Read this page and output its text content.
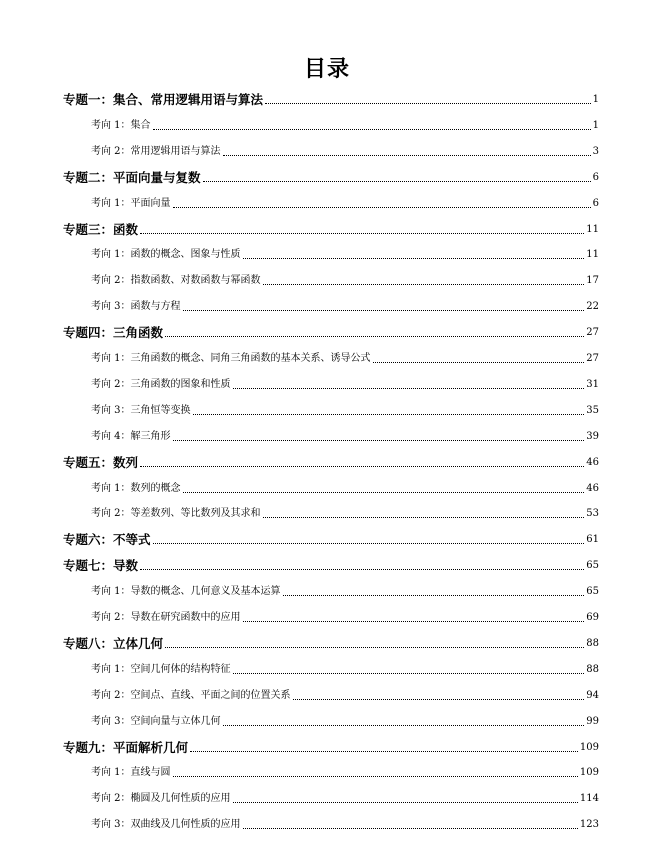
目录
专题一：集合、常用逻辑用语与算法	1
考向 1：集合	1
考向 2：常用逻辑用语与算法	3
专题二：平面向量与复数	6
考向 1：平面向量	6
专题三：函数	11
考向 1：函数的概念、图象与性质	11
考向 2：指数函数、对数函数与幂函数	17
考向 3：函数与方程	22
专题四：三角函数	27
考向 1：三角函数的概念、同角三角函数的基本关系、诱导公式	27
考向 2：三角函数的图象和性质	31
考向 3：三角恒等变换	35
考向 4：解三角形	39
专题五：数列	46
考向 1：数列的概念	46
考向 2：等差数列、等比数列及其求和	53
专题六：不等式	61
专题七：导数	65
考向 1：导数的概念、几何意义及基本运算	65
考向 2：导数在研究函数中的应用	69
专题八：立体几何	88
考向 1：空间几何体的结构特征	88
考向 2：空间点、直线、平面之间的位置关系	94
考向 3：空间向量与立体几何	99
专题九：平面解析几何	109
考向 1：直线与圆	109
考向 2：椭圆及几何性质的应用	114
考向 3：双曲线及几何性质的应用	123
